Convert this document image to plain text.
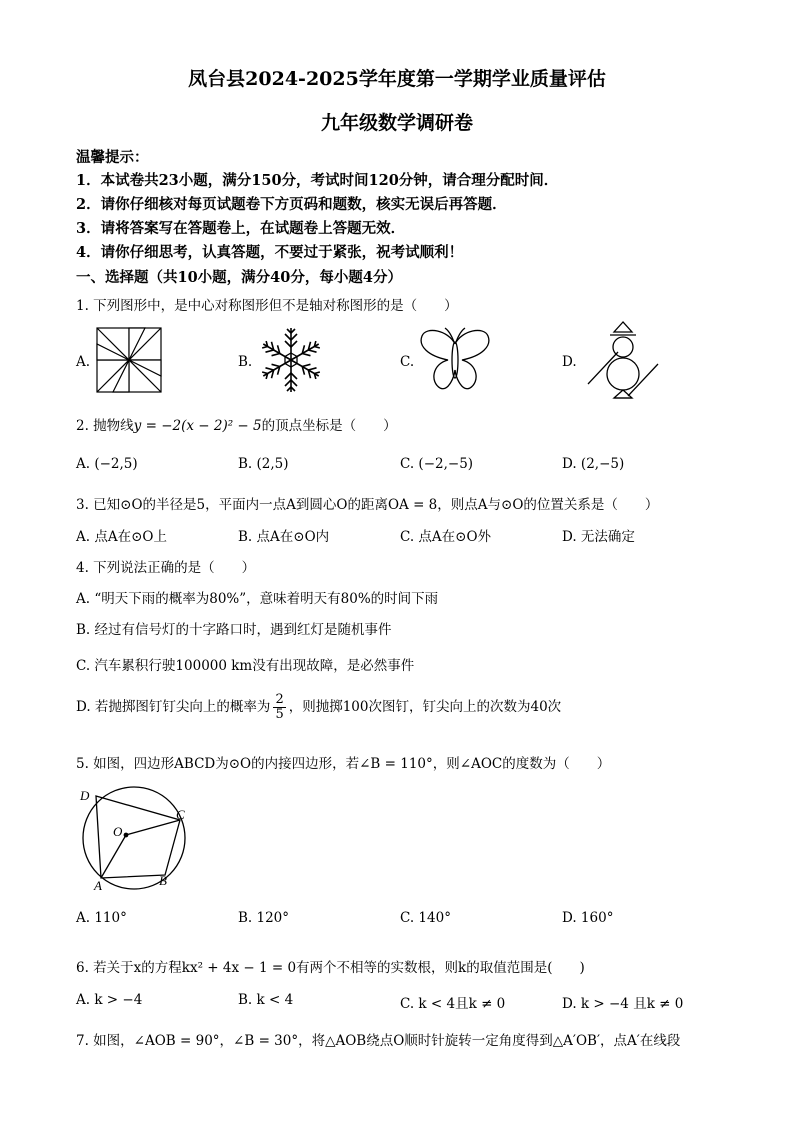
凤台县2024-2025学年度第一学期学业质量评估
九年级数学调研卷
温馨提示：
1．本试卷共23小题，满分150分，考试时间120分钟，请合理分配时间．
2．请你仔细核对每页试题卷下方页码和题数，核实无误后再答题．
3．请将答案写在答题卷上，在试题卷上答题无效．
4．请你仔细思考，认真答题，不要过于紧张，祝考试顺利！
一、选择题（共10小题，满分40分，每小题4分）
1. 下列图形中，是中心对称图形但不是轴对称图形的是（　　）
A.	B.	C.	D.
2. 抛物线y = −2(x − 2)² − 5的顶点坐标是（　　）
A. (−2,5)	B. (2,5)	C. (−2,−5)	D. (2,−5)
3. 已知⊙O的半径是5，平面内一点A到圆心O的距离OA = 8，则点A与⊙O的位置关系是（　　）
A. 点A在⊙O上	B. 点A在⊙O内	C. 点A在⊙O外	D. 无法确定
4. 下列说法正确的是（　　）
A. “明天下雨的概率为80%”，意味着明天有80%的时间下雨
B. 经过有信号灯的十字路口时，遇到红灯是随机事件
C. 汽车累积行驶100000 km没有出现故障，是必然事件
D. 若抛掷图钉钉尖向上的概率为 $\frac{2}{5}$ ，则抛掷100次图钉，钉尖向上的次数为40次
5. 如图，四边形ABCD为⊙O的内接四边形，若∠B = 110°，则∠AOC的度数为（　　）
D
C
O
A	B
A. 110°	B. 120°	C. 140°	D. 160°
6. 若关于x的方程kx² + 4x − 1 = 0有两个不相等的实数根，则k的取值范围是(　　)
A. k > −4	B. k < 4	C. k < 4且k ≠ 0	D. k > −4 且k ≠ 0
7. 如图，∠AOB = 90°，∠B = 30°，将△AOB绕点O顺时针旋转一定角度得到△A′OB′，点A′在线段
